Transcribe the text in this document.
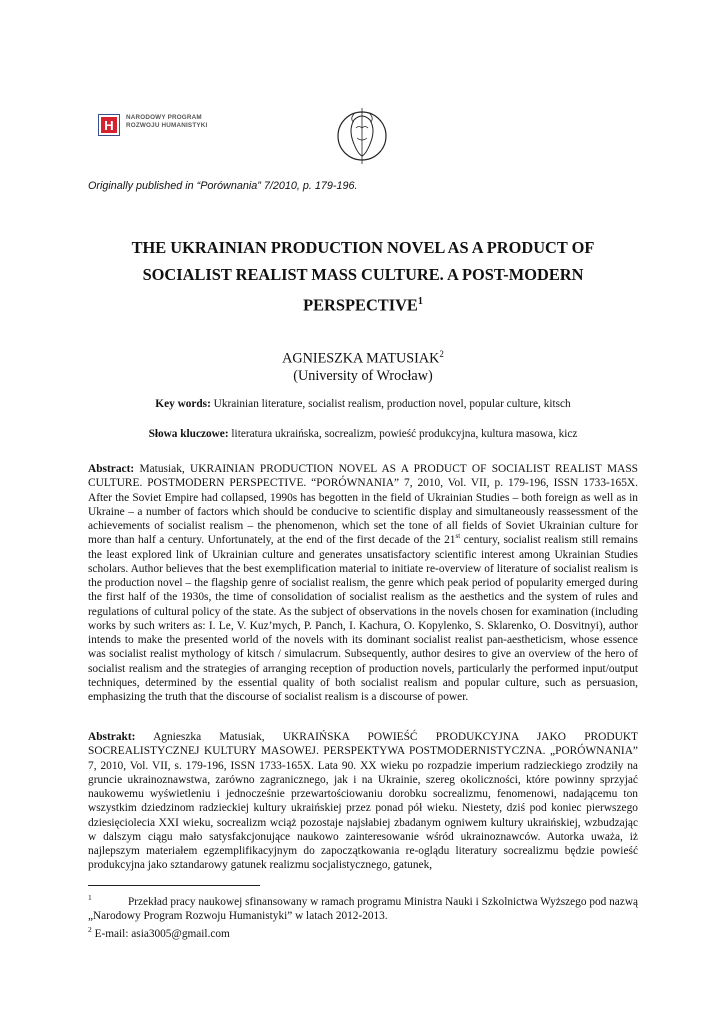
H
NARODOWY PROGRAM
ROZWOJU HUMANISTYKI
Originally published in “Porównania” 7/2010, p. 179-196.
THE UKRAINIAN PRODUCTION NOVEL AS A PRODUCT OF
SOCIALIST REALIST MASS CULTURE. A POST-MODERN
PERSPECTIVE$^1$
AGNIESZKA MATUSIAK$^2$
(University of Wrocław)
Key words: Ukrainian literature, socialist realism, production novel, popular culture, kitsch
Słowa kluczowe: literatura ukraińska, socrealizm, powieść produkcyjna, kultura masowa, kicz
Abstract: Matusiak, UKRAINIAN PRODUCTION NOVEL AS A PRODUCT OF SOCIALIST REALIST MASS CULTURE. POSTMODERN PERSPECTIVE. “PORÓWNANIA” 7, 2010, Vol. VII, p. 179-196, ISSN 1733-165X. After the Soviet Empire had collapsed, 1990s has begotten in the field of Ukrainian Studies – both foreign as well as in Ukraine – a number of factors which should be conducive to scientific display and simultaneously reassessment of the achievements of socialist realism – the phenomenon, which set the tone of all fields of Soviet Ukrainian culture for more than half a century. Unfortunately, at the end of the first decade of the 21st century, socialist realism still remains the least explored link of Ukrainian culture and generates unsatisfactory scientific interest among Ukrainian Studies scholars. Author believes that the best exemplification material to initiate re-overview of literature of socialist realism is the production novel – the flagship genre of socialist realism, the genre which peak period of popularity emerged during the first half of the 1930s, the time of consolidation of socialist realism as the aesthetics and the system of rules and regulations of cultural policy of the state. As the subject of observations in the novels chosen for examination (including works by such writers as: I. Le, V. Kuz’mych, P. Panch, I. Kachura, O. Kopylenko, S. Sklarenko, O. Dosvitnyi), author intends to make the presented world of the novels with its dominant socialist realist pan-aestheticism, whose essence was socialist realist mythology of kitsch / simulacrum. Subsequently, author desires to give an overview of the hero of socialist realism and the strategies of arranging reception of production novels, particularly the performed input/output techniques, determined by the essential quality of both socialist realism and popular culture, such as persuasion, emphasizing the truth that the discourse of socialist realism is a discourse of power.
Abstrakt: Agnieszka Matusiak, UKRAIŃSKA POWIEŚĆ PRODUKCYJNA JAKO PRODUKT SOCREALISTYCZNEJ KULTURY MASOWEJ. PERSPEKTYWA POSTMODERNISTYCZNA. „PORÓWNANIA” 7, 2010, Vol. VII, s. 179-196, ISSN 1733-165X. Lata 90. XX wieku po rozpadzie imperium radzieckiego zrodziły na gruncie ukrainoznawstwa, zarówno zagranicznego, jak i na Ukrainie, szereg okoliczności, które powinny sprzyjać naukowemu wyświetleniu i jednocześnie przewartościowaniu dorobku socrealizmu, fenomenowi, nadającemu ton wszystkim dziedzinom radzieckiej kultury ukraińskiej przez ponad pół wieku. Niestety, dziś pod koniec pierwszego dziesięciolecia XXI wieku, socrealizm wciąż pozostaje najsłabiej zbadanym ogniwem kultury ukraińskiej, wzbudzając w dalszym ciągu mało satysfakcjonujące naukowo zainteresowanie wśród ukrainoznawców. Autorka uważa, iż najlepszym materiałem egzemplifikacyjnym do zapoczątkowania re-oglądu literatury socrealizmu będzie powieść produkcyjna jako sztandarowy gatunek realizmu socjalistycznego, gatunek,
$^1$	Przekład pracy naukowej sfinansowany w ramach programu Ministra Nauki i Szkolnictwa Wyższego pod nazwą „Narodowy Program Rozwoju Humanistyki” w latach 2012-2013.
$^2$ E-mail: asia3005@gmail.com
